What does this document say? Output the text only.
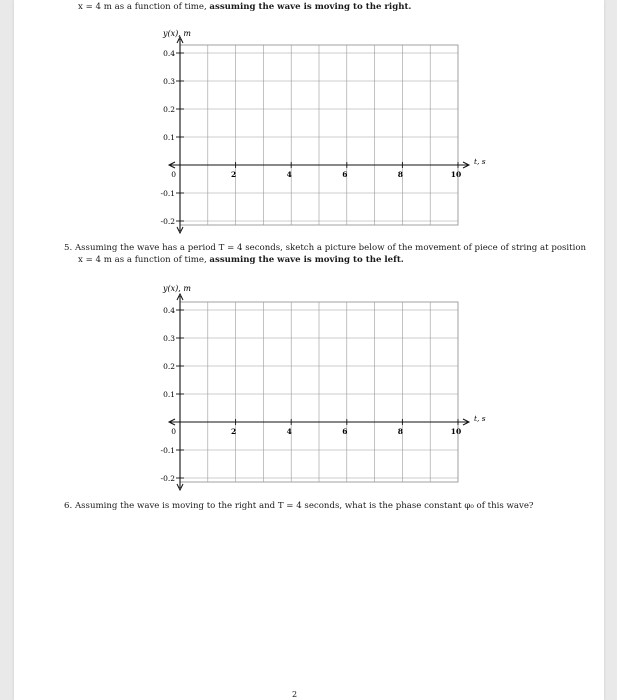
x = 4 m as a function of time, assuming the wave is moving to the right.
y(x), m
t, s
0.4
0.3
0.2
0.1
0
-0.1
-0.2
2	4	6	8	10
5. Assuming the wave has a period T = 4 seconds, sketch a picture below of the movement of piece of string at position
x = 4 m as a function of time, assuming the wave is moving to the left.
y(x), m
t, s
0.4
0.3
0.2
0.1
0
-0.1
-0.2
2	4	6	8	10
6. Assuming the wave is moving to the right and T = 4 seconds, what is the phase constant φ₀ of this wave?
2
